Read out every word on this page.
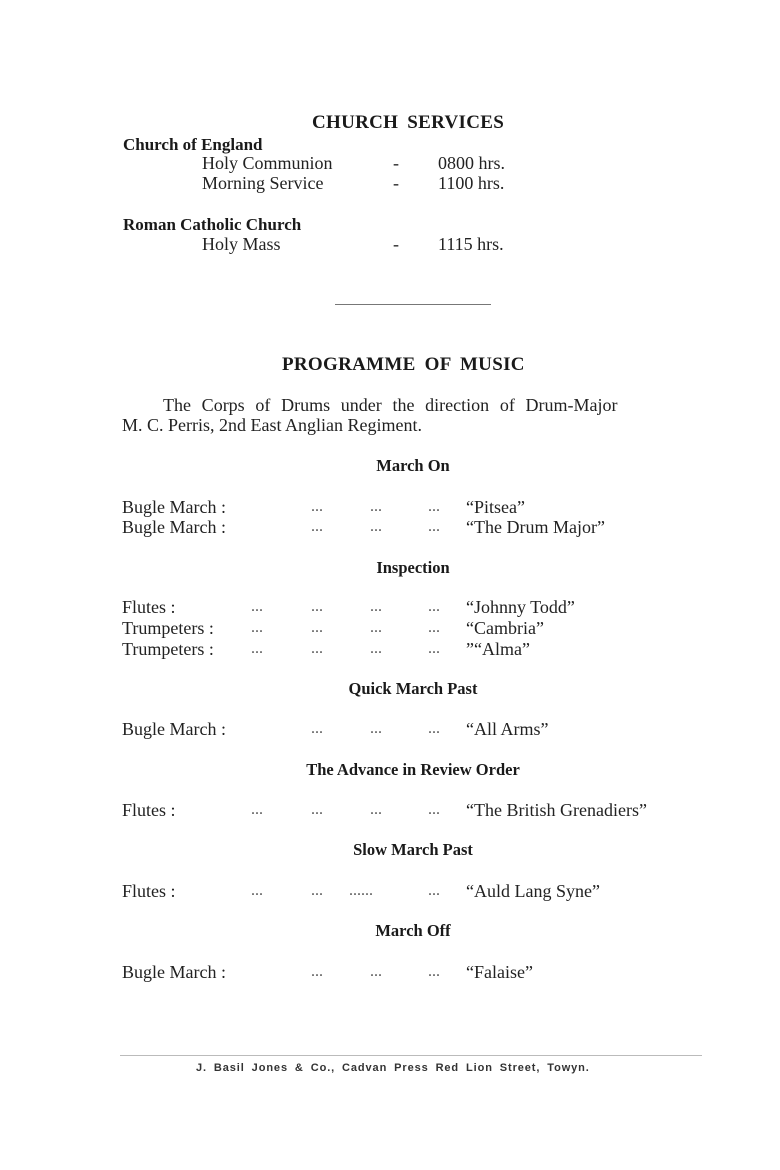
CHURCH SERVICES
Church of England
Holy Communion	- 0800 hrs.
Morning Service	- 1100 hrs.
Roman Catholic Church
Holy Mass	- 1115 hrs.
PROGRAMME OF MUSIC
The Corps of Drums under the direction of Drum-Major
M. C. Perris, 2nd East Anglian Regiment.
March On
Bugle March :	...	...	... “Pitsea”
Bugle March :	...	...	... “The Drum Major”
Inspection
Flutes :	...	...	...	... “Johnny Todd”
Trumpeters : ...	...	...	... “Cambria”
Trumpeters : ...	...	...	... ”“Alma”
Quick March Past
Bugle March :	...	...	... “All Arms”
The Advance in Review Order
Flutes :	...	...	...	... “The British Grenadiers”
Slow March Past
Flutes :	...	... ......	... “Auld Lang Syne”
March Off
Bugle March :	...	...	... “Falaise”
J. Basil Jones & Co., Cadvan Press Red Lion Street, Towyn.
